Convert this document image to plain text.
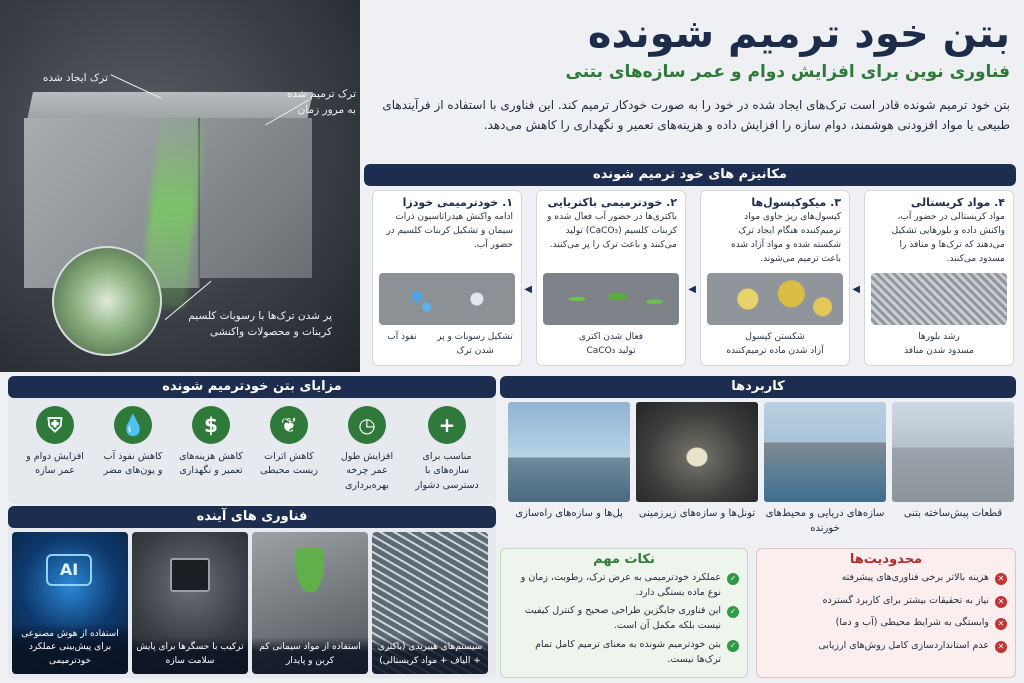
ترک ایجاد شده
ترک ترمیم شده به مرور زمان
پر شدن ترک‌ها با رسوبات کلسیم کربنات و محصولات واکنشی
بتن خود ترمیم شونده
فناوری نوین برای افزایش دوام و عمر سازه‌های بتنی
بتن خود ترمیم شونده قادر است ترک‌های ایجاد شده در خود را به صورت خودکار ترمیم کند. این فناوری با استفاده از فرآیندهای طبیعی یا مواد افزودنی هوشمند، دوام سازه را افزایش داده و هزینه‌های تعمیر و نگهداری را کاهش می‌دهد.
مکانیزم های خود ترمیم شونده
۴. مواد کریستالی
مواد کریستالی در حضور آب، واکنش داده و بلورهایی تشکیل می‌دهند که ترک‌ها و منافذ را مسدود می‌کنند.
رشد بلورها
مسدود شدن منافذ
◀
۳. میکوکپسول‌ها
کپسول‌های ریز حاوی مواد ترمیم‌کننده هنگام ایجاد ترک شکسته شده و مواد آزاد شده باعث ترمیم می‌شوند.
شکستن کپسول
آزاد شدن ماده ترمیم‌کننده
◀
۲. خودترمیمی باکتریایی
باکتری‌ها در حضور آب فعال شده و کربنات کلسیم (CaCO₃) تولید می‌کنند و باعث ترک را پر می‌کنند.
فعال شدن اکتری
تولید CaCO₃
◀
۱. خودترمیمی خودزا
ادامه واکنش هیدراتاسیون ذرات سیمان و تشکیل کربنات کلسیم در حضور آب.
تشکیل رسوبات و پر شدن ترک
نفوذ آب
مزایای بتن خودترمیم شونده
⛨
افزایش دوام و عمر سازه
💧
کاهش نفوذ آب و یون‌های مضر
$
کاهش هزینه‌های تعمیر و نگهداری
❦
کاهش اثرات زیست محیطی
◷
افزایش طول عمر چرخه بهره‌برداری
+
مناسب برای سازه‌های با دسترسی دشوار
فناوری های آینده
AI
استفاده از هوش مصنوعی برای پیش‌بینی عملکرد خودترمیمی
ترکیب با حسگرها برای پایش سلامت سازه
استفاده از مواد سیمانی کم کربن و پایدار
سیستم‌های هیبریدی (باکتری + الیاف + مواد کریستالی)
کاربردها
قطعات پیش‌ساخته بتنی
سازه‌های دریایی و محیط‌های خورنده
تونل‌ها و سازه‌های زیرزمینی
پل‌ها و سازه‌های راه‌سازی
نکات مهم
✓
عملکرد خودترمیمی به عرض ترک، رطوبت، زمان و نوع ماده بستگی دارد.
✓
این فناوری جایگزین طراحی صحیح و کنترل کیفیت نیست بلکه مکمل آن است.
✓
بتن خودترمیم شونده به معنای ترمیم کامل تمام ترک‌ها نیست.
محدودیت‌ها
✕
هزینه بالاتر برخی فناوری‌های پیشرفته
✕
نیاز به تحقیقات بیشتر برای کاربرد گسترده
✕
وابستگی به شرایط محیطی (آب و دما)
✕
عدم استانداردسازی کامل روش‌های ارزیابی
